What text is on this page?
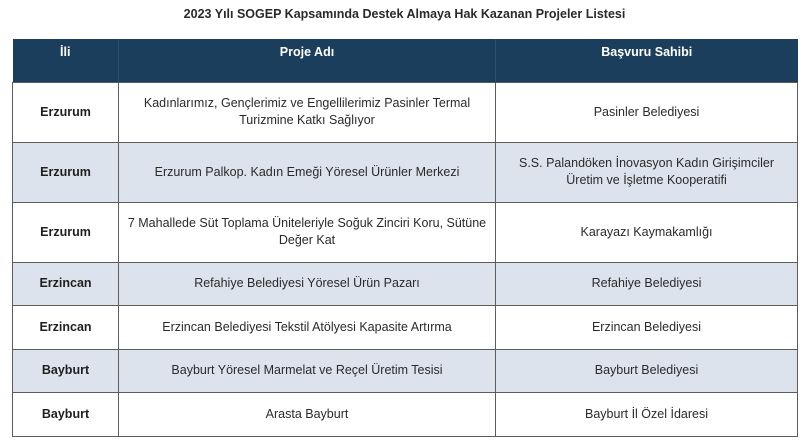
2023 Yılı SOGEP Kapsamında Destek Almaya Hak Kazanan Projeler Listesi
İli	Proje Adı	Başvuru Sahibi
Erzurum	Kadınlarımız, Gençlerimiz ve Engellilerimiz Pasinler Termal Turizmine Katkı Sağlıyor	Pasinler Belediyesi
Erzurum	Erzurum Palkop. Kadın Emeği Yöresel Ürünler Merkezi	S.S. Palandöken İnovasyon Kadın Girişimciler Üretim ve İşletme Kooperatifi
Erzurum	7 Mahallede Süt Toplama Üniteleriyle Soğuk Zinciri Koru, Sütüne Değer Kat	Karayazı Kaymakamlığı
Erzincan	Refahiye Belediyesi Yöresel Ürün Pazarı	Refahiye Belediyesi
Erzincan	Erzincan Belediyesi Tekstil Atölyesi Kapasite Artırma	Erzincan Belediyesi
Bayburt	Bayburt Yöresel Marmelat ve Reçel Üretim Tesisi	Bayburt Belediyesi
Bayburt	Arasta Bayburt	Bayburt İl Özel İdaresi
